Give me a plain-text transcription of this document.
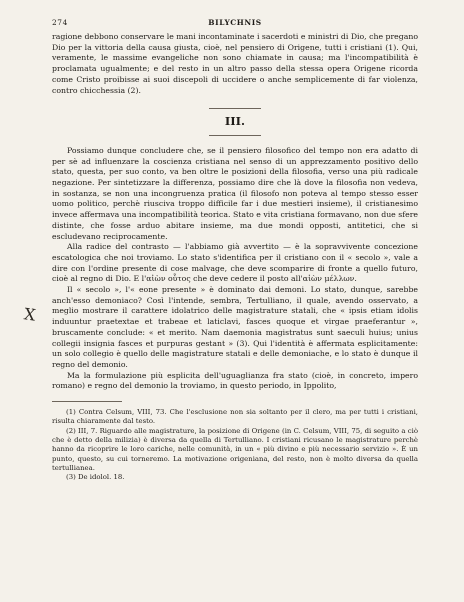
274	BILYCHNIS

ragione debbono conservare le mani incontaminate i sacerdoti e ministri di Dio, che pregano Dio per la vittoria della causa giusta, cioè, nel pensiero di Origene, tutti i cristiani (1). Qui, veramente, le massime evangeliche non sono chiamate in causa; ma l'incompatibilità è proclamata ugualmente; e del resto in un altro passo della stessa opera Origene ricorda come Cristo proibisse ai suoi discepoli di uccidere o anche semplicemente di far violenza, contro chicchessia (2).

III.

Possiamo dunque concludere che, se il pensiero filosofico del tempo non era adatto di per sè ad influenzare la coscienza cristiana nel senso di un apprezzamento positivo dello stato, questa, per suo conto, va ben oltre le posizioni della filosofia, verso una più radicale negazione. Per sintetizzare la differenza, possiamo dire che là dove la filosofia non vedeva, in sostanza, se non una incongruenza pratica (il filosofo non poteva al tempo stesso esser uomo politico, perchè riusciva troppo difficile far i due mestieri insieme), il cristianesimo invece affermava una incompatibilità teorica. Stato e vita cristiana formavano, non due sfere distinte, che fosse arduo abitare insieme, ma due mondi opposti, antitetici, che si escludevano reciprocamente.

Alla radice del contrasto — l'abbiamo già avvertito — è la sopravvivente concezione escatologica che noi troviamo. Lo stato s'identifica per il cristiano con il « secolo », vale a dire con l'ordine presente di cose malvage, che deve scomparire di fronte a quello futuro, cioè al regno di Dio. E l'αἰὼν οὗτος che deve cedere il posto all'αἰὼν μέλλων.

Il « secolo », l'« eone presente » è dominato dai demoni. Lo stato, dunque, sarebbe anch'esso demoniaco? Così l'intende, sembra, Tertulliano, il quale, avendo osservato, a meglio mostrare il carattere idolatrico delle magistrature statali, che « ipsis etiam idolis induuntur praetextae et trabeae et laticlavi, fasces quoque et virgae praeferantur », bruscamente conclude: « et merito. Nam daemonia magistratus sunt saeculi huius; unius collegii insignia fasces et purpuras gestant » (3). Qui l'identità è affermata esplicitamente: un solo collegio è quello delle magistrature statali e delle demoniache, e lo stato è dunque il regno del demonio.

Ma la formulazione più esplicita dell'uguaglianza fra stato (cioè, in concreto, impero romano) e regno del demonio la troviamo, in questo periodo, in Ippolito,

(1) Contra Celsum, VIII, 73. Che l'esclusione non sia soltanto per il clero, ma per tutti i cristiani, risulta chiaramente dal testo.

(2) III, 7. Riguardo alle magistrature, la posizione di Origene (in C. Celsum, VIII, 75, di seguito a ciò che è detto della milizia) è diversa da quella di Tertulliano. I cristiani ricusano le magistrature perchè hanno da ricoprire le loro cariche, nelle comunità, in un « più divino e più necessario servizio ». È un punto, questo, su cui torneremo. La motivazione origeniana, del resto, non è molto diversa da quella tertullianea.

(3) De idolol. 18.

X
